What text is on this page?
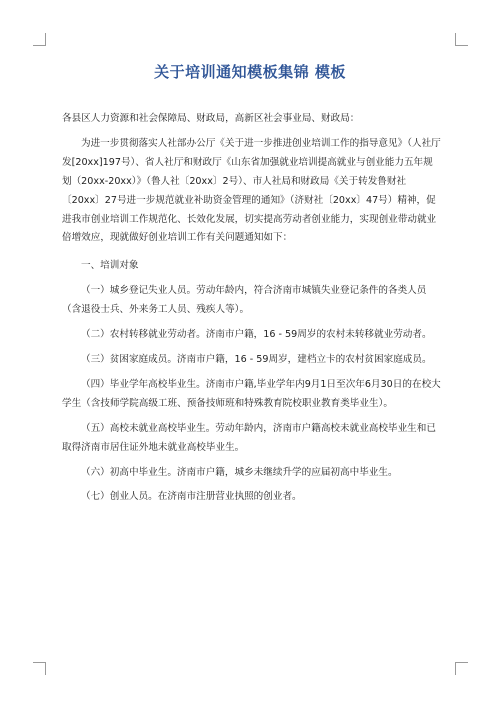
关于培训通知模板集锦 模板

各县区人力资源和社会保障局、财政局，高新区社会事业局、财政局：

为进一步贯彻落实人社部办公厅《关于进一步推进创业培训工作的指导意见》（人社厅发[20xx]197号）、省人社厅和财政厅《山东省加强就业培训提高就业与创业能力五年规划（20xx-20xx）》（鲁人社〔20xx〕2号）、市人社局和财政局《关于转发鲁财社〔20xx〕27号进一步规范就业补助资金管理的通知》（济财社〔20xx〕47号）精神，促进我市创业培训工作规范化、长效化发展，切实提高劳动者创业能力，实现创业带动就业倍增效应，现就做好创业培训工作有关问题通知如下：

一、培训对象

（一）城乡登记失业人员。劳动年龄内，符合济南市城镇失业登记条件的各类人员（含退役士兵、外来务工人员、残疾人等）。

（二）农村转移就业劳动者。济南市户籍，16 - 59周岁的农村未转移就业劳动者。

（三）贫困家庭成员。济南市户籍，16 - 59周岁，建档立卡的农村贫困家庭成员。

（四）毕业学年高校毕业生。济南市户籍,毕业学年内9月1日至次年6月30日的在校大学生（含技师学院高级工班、预备技师班和特殊教育院校职业教育类毕业生）。

（五）高校未就业高校毕业生。劳动年龄内，济南市户籍高校未就业高校毕业生和已取得济南市居住证外地未就业高校毕业生。

（六）初高中毕业生。济南市户籍，城乡未继续升学的应届初高中毕业生。

（七）创业人员。在济南市注册营业执照的创业者。
